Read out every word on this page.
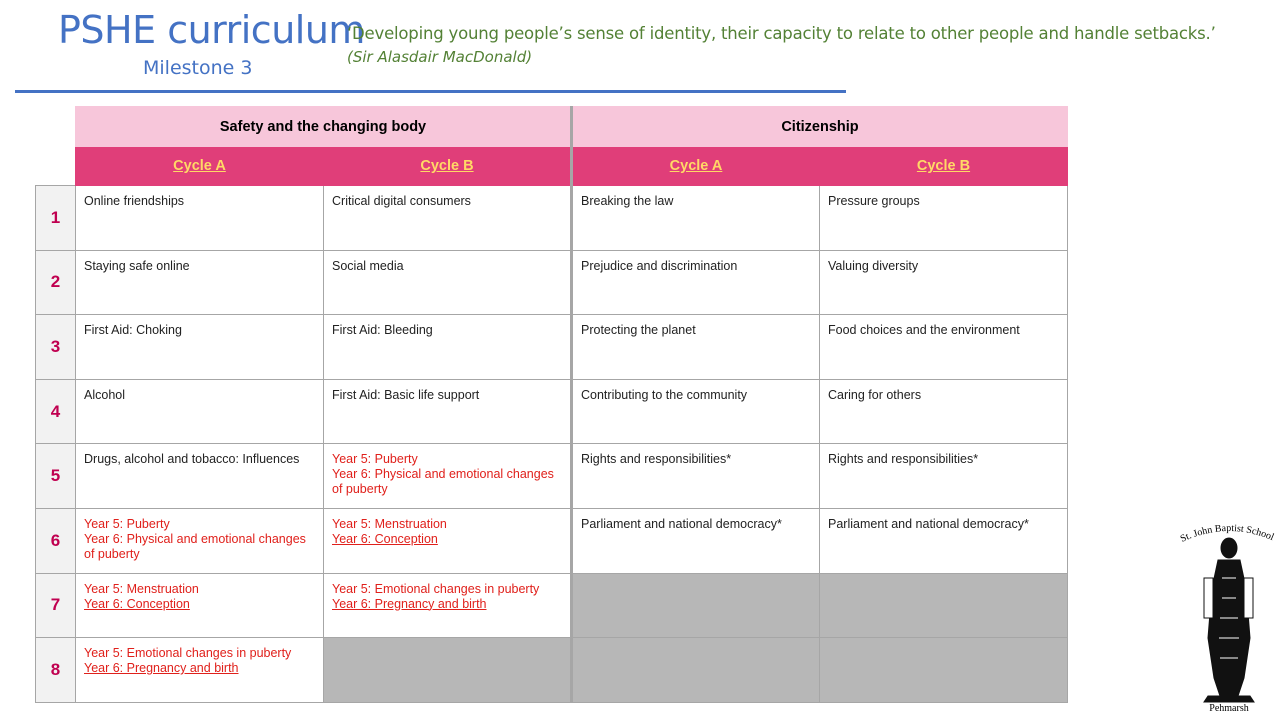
PSHE curriculum
Milestone 3
‘Developing young people’s sense of identity, their capacity to relate to other people and handle setbacks.’
(Sir Alasdair MacDonald)
	Safety and the changing body		Citizenship	
	Cycle A	Cycle B	Cycle A	Cycle B
1	Online friendships	Critical digital consumers	Breaking the law	Pressure groups

2	Staying safe online	Social media	Prejudice and discrimination	Valuing diversity

3	First Aid: Choking	First Aid: Bleeding	Protecting the planet	Food choices and the environment

4	Alcohol	First Aid: Basic life support	Contributing to the community	Caring for others

5	Drugs, alcohol and tobacco: Influences	Year 5: Puberty
Year 6: Physical and emotional changes of puberty	Rights and responsibilities*	Rights and responsibilities*

6	Year 5: Puberty
Year 6: Physical and emotional changes of puberty	Year 5: Menstruation
Year 6: Conception	Parliament and national democracy*	Parliament and national democracy*

7	Year 5: Menstruation
Year 6: Conception	Year 5: Emotional changes in puberty
Year 6: Pregnancy and birth		

8	Year 5: Emotional changes in puberty
Year 6: Pregnancy and birth			

St. John Baptist School
Pehmarsh
